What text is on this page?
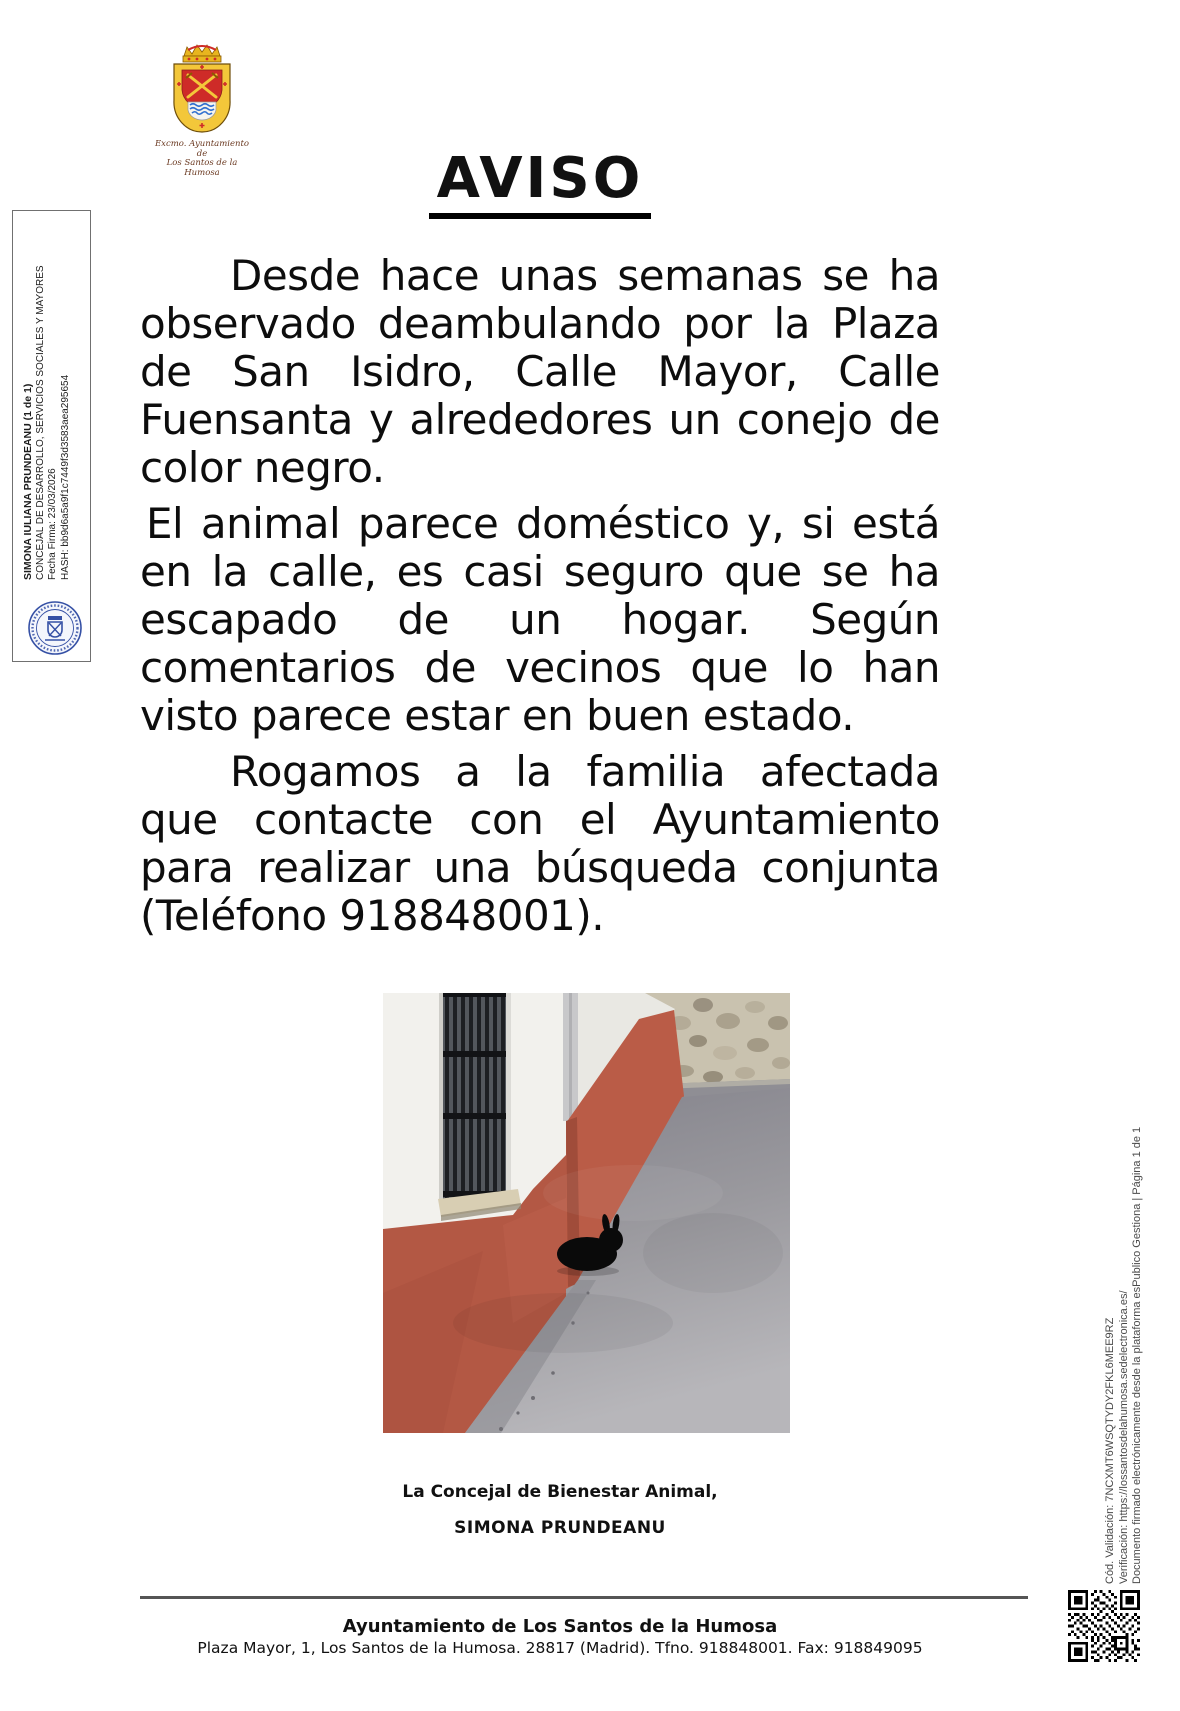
Excmo. Ayuntamiento de
Los Santos de la Humosa
SIMONA IULIANA PRUNDEANU (1 de 1) CONCEJAL DE DESARROLLO, SERVICIOS SOCIALES Y MAYORES Fecha Firma: 23/03/2026 HASH: bb9d6a5a9f1c7449f3d3583aea295654
AVISO

Desde hace unas semanas se ha observado deambulando por la Plaza de San Isidro, Calle Mayor, Calle Fuensanta y alrededores un conejo de color negro.

El animal parece doméstico y, si está en la calle, es casi seguro que se ha escapado de un hogar. Según comentarios de vecinos que lo han visto parece estar en buen estado.

Rogamos a la familia afectada que contacte con el Ayuntamiento para realizar una búsqueda conjunta (Teléfono 918848001).

La Concejal de Bienestar Animal,
SIMONA PRUNDEANU
Ayuntamiento de Los Santos de la Humosa
Plaza Mayor, 1, Los Santos de la Humosa. 28817 (Madrid). Tfno. 918848001. Fax: 918849095
Cód. Validación: 7NCXMT6WSQTYDY2FKL6MEE9RZ Verificación: https://lossantosdelahumosa.sedelectronica.es/ Documento firmado electrónicamente desde la plataforma esPublico Gestiona | Página 1 de 1
